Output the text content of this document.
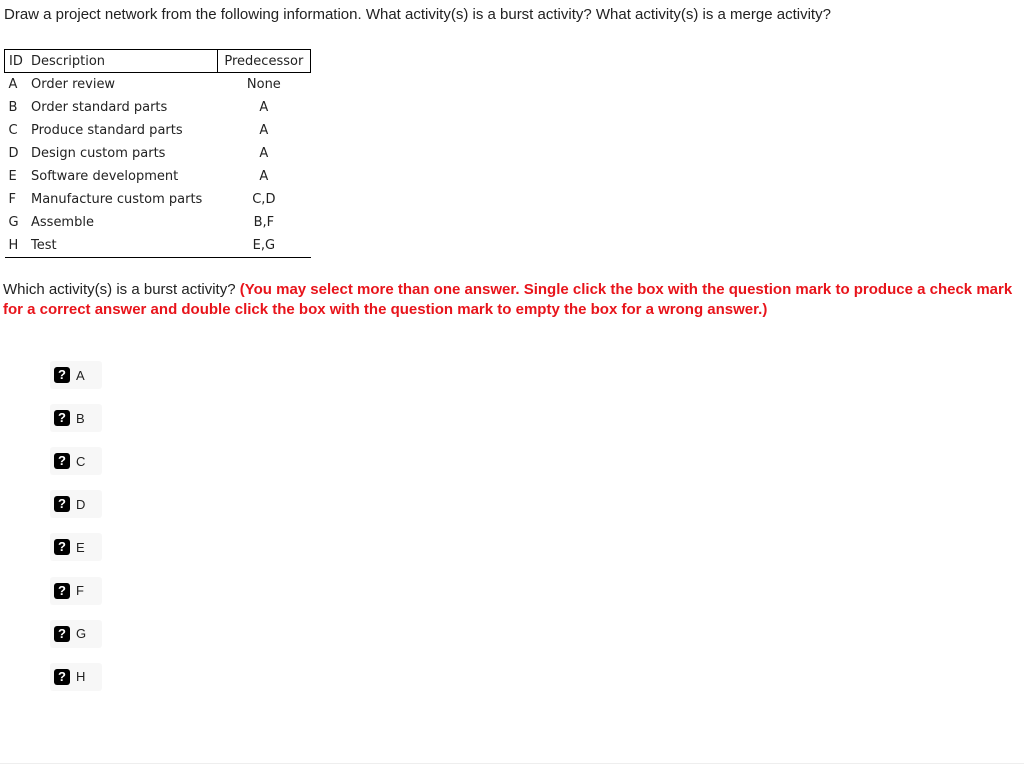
Draw a project network from the following information. What activity(s) is a burst activity? What activity(s) is a merge activity?
ID	Description	Predecessor
A	Order review	None
B	Order standard parts	A
C	Produce standard parts	A
D	Design custom parts	A
E	Software development	A
F	Manufacture custom parts	C,D
G	Assemble	B,F
H	Test	E,G
Which activity(s) is a burst activity? (You may select more than one answer. Single click the box with the question mark to produce a check mark for a correct answer and double click the box with the question mark to empty the box for a wrong answer.)
? A
? B
? C
? D
? E
? F
? G
? H
